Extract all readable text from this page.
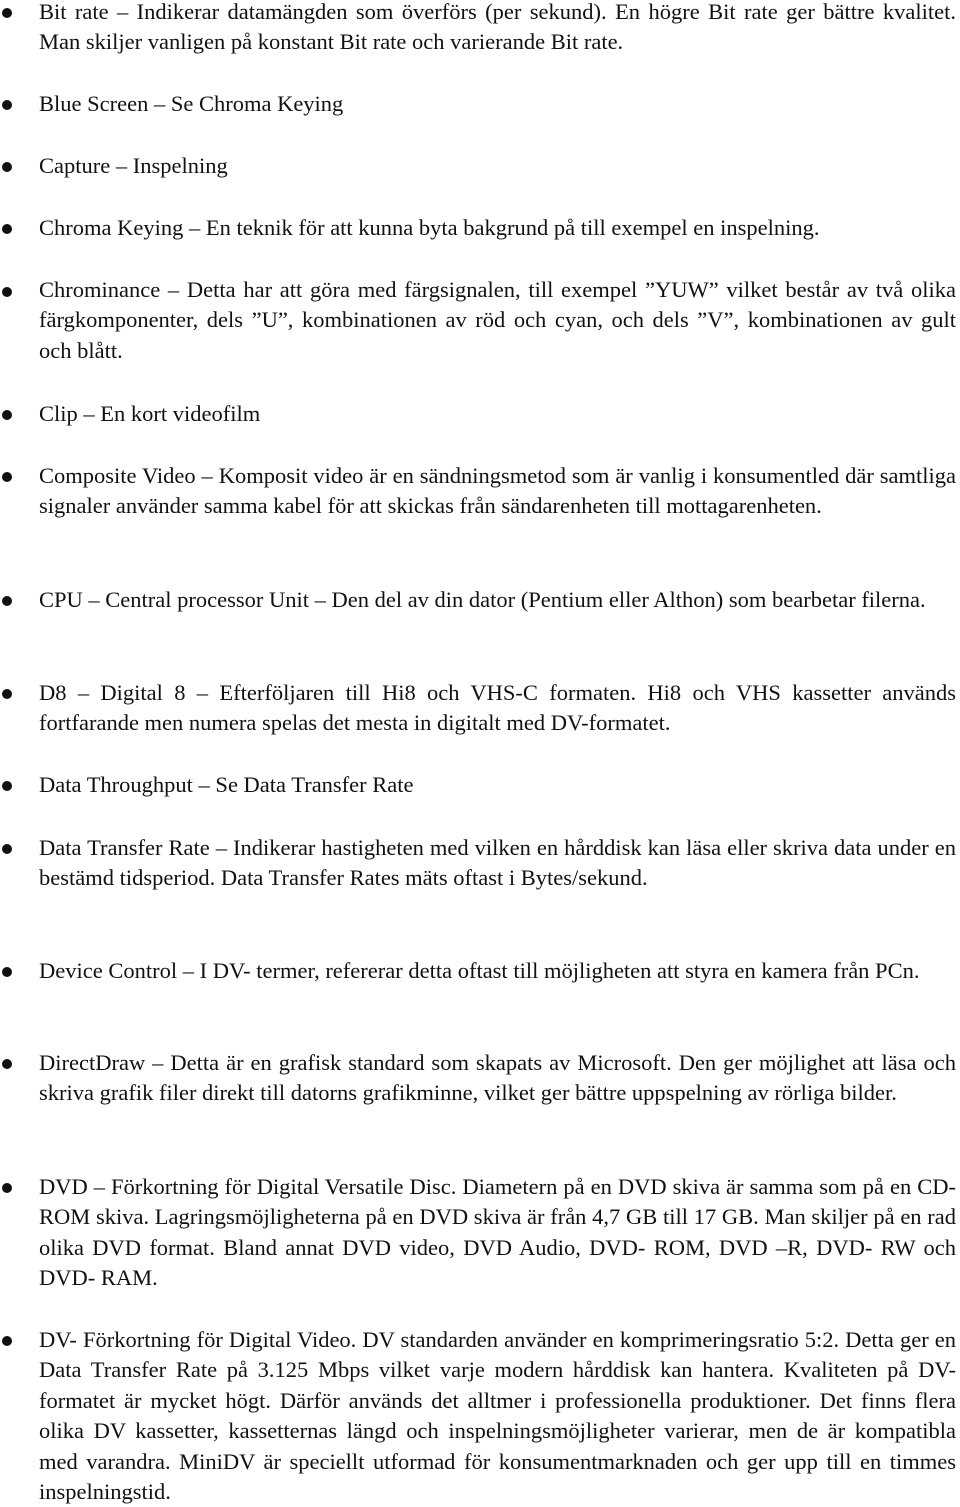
Bit rate – Indikerar datamängden som överförs (per sekund). En högre Bit rate ger bättre kvalitet. Man skiljer vanligen på konstant Bit rate och varierande Bit rate.
Blue Screen – Se Chroma Keying
Capture – Inspelning
Chroma Keying – En teknik för att kunna byta bakgrund på till exempel en inspelning.
Chrominance – Detta har att göra med färgsignalen, till exempel ”YUW” vilket består av två olika färgkomponenter, dels ”U”, kombinationen av röd och cyan, och dels ”V”, kombinationen av gult och blått.
Clip – En kort videofilm
Composite Video – Komposit video är en sändningsmetod som är vanlig i konsumentled där samtliga signaler använder samma kabel för att skickas från sändarenheten till mottagarenheten.
CPU – Central processor Unit – Den del av din dator (Pentium eller Althon) som bearbetar filerna.
D8 – Digital 8 – Efterföljaren till Hi8 och VHS-C formaten. Hi8 och VHS kassetter används fortfarande men numera spelas det mesta in digitalt med DV-formatet.
Data Throughput – Se Data Transfer Rate
Data Transfer Rate – Indikerar hastigheten med vilken en hårddisk kan läsa eller skriva data under en bestämd tidsperiod. Data Transfer Rates mäts oftast i Bytes/sekund.
Device Control – I DV- termer, refererar detta oftast till möjligheten att styra en kamera från PCn.
DirectDraw – Detta är en grafisk standard som skapats av Microsoft. Den ger möjlighet att läsa och skriva grafik filer direkt till datorns grafikminne, vilket ger bättre uppspelning av rörliga bilder.
DVD – Förkortning för Digital Versatile Disc. Diametern på en DVD skiva är samma som på en CD-ROM skiva. Lagringsmöjligheterna på en DVD skiva är från 4,7 GB till 17 GB. Man skiljer på en rad olika DVD format. Bland annat DVD video, DVD Audio, DVD- ROM, DVD –R, DVD- RW och DVD- RAM.
DV- Förkortning för Digital Video. DV standarden använder en komprimeringsratio 5:2. Detta ger en Data Transfer Rate på 3.125 Mbps vilket varje modern hårddisk kan hantera. Kvaliteten på DV- formatet är mycket högt. Därför används det alltmer i professionella produktioner. Det finns flera olika DV kassetter, kassetternas längd och inspelningsmöjligheter varierar, men de är kompatibla med varandra. MiniDV är speciellt utformad för konsumentmarknaden och ger upp till en timmes inspelningstid.
